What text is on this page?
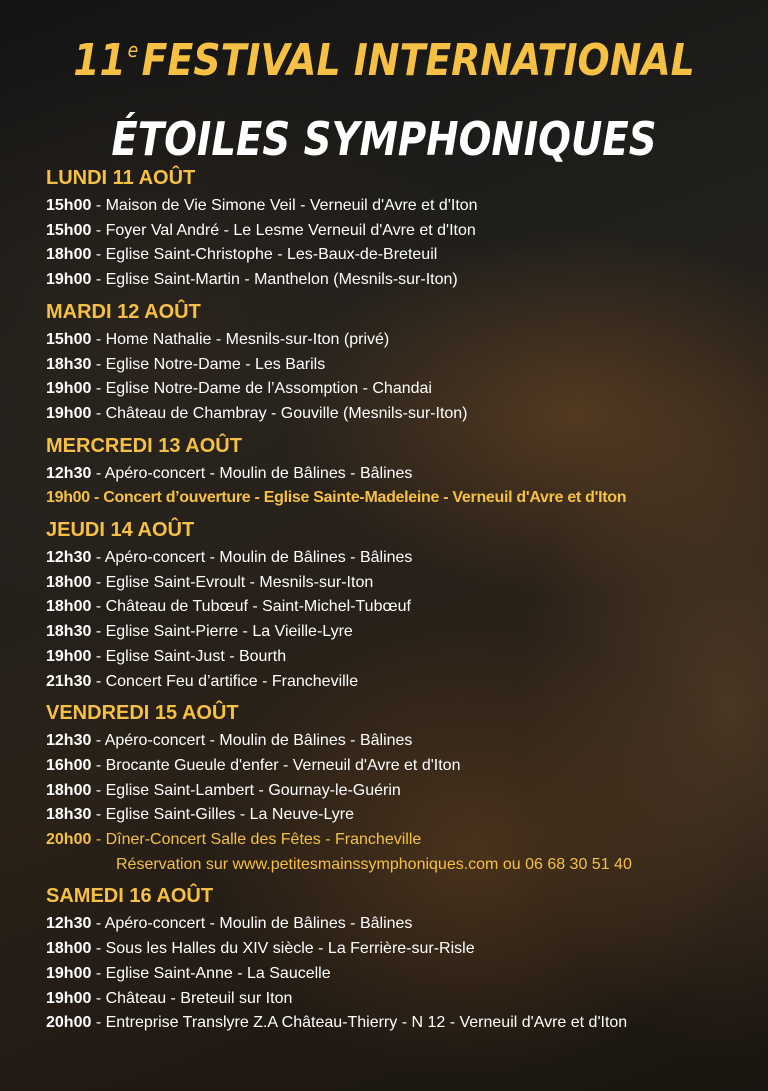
11eFESTIVAL INTERNATIONAL
ÉTOILES SYMPHONIQUES
LUNDI 11 AOÛT
15h00 - Maison de Vie Simone Veil - Verneuil d'Avre et d'Iton
15h00 - Foyer Val André - Le Lesme Verneuil d'Avre et d'Iton
18h00 - Eglise Saint-Christophe - Les-Baux-de-Breteuil
19h00 - Eglise Saint-Martin - Manthelon (Mesnils-sur-Iton)
MARDI 12 AOÛT
15h00 - Home Nathalie - Mesnils-sur-Iton (privé)
18h30 - Eglise Notre-Dame - Les Barils
19h00 - Eglise Notre-Dame de l’Assomption - Chandai
19h00 - Château de Chambray - Gouville (Mesnils-sur-Iton)
MERCREDI 13 AOÛT
12h30 - Apéro-concert - Moulin de Bâlines - Bâlines
19h00 - Concert d’ouverture - Eglise Sainte-Madeleine - Verneuil d'Avre et d'Iton
JEUDI 14 AOÛT
12h30 - Apéro-concert - Moulin de Bâlines - Bâlines
18h00 - Eglise Saint-Evroult - Mesnils-sur-Iton
18h00 - Château de Tubœuf - Saint-Michel-Tubœuf
18h30 - Eglise Saint-Pierre - La Vieille-Lyre
19h00 - Eglise Saint-Just - Bourth
21h30 - Concert Feu d’artifice - Francheville
VENDREDI 15 AOÛT
12h30 - Apéro-concert - Moulin de Bâlines - Bâlines
16h00 - Brocante Gueule d'enfer - Verneuil d'Avre et d'Iton
18h00 - Eglise Saint-Lambert - Gournay-le-Guérin
18h30 - Eglise Saint-Gilles - La Neuve-Lyre
20h00 - Dîner-Concert Salle des Fêtes - Francheville
Réservation sur www.petitesmainssymphoniques.com ou 06 68 30 51 40
SAMEDI 16 AOÛT
12h30 - Apéro-concert - Moulin de Bâlines - Bâlines
18h00 - Sous les Halles du XIV siècle - La Ferrière-sur-Risle
19h00 - Eglise Saint-Anne - La Saucelle
19h00 - Château - Breteuil sur Iton
20h00 - Entreprise Translyre Z.A Château-Thierry - N 12 - Verneuil d'Avre et d'Iton
